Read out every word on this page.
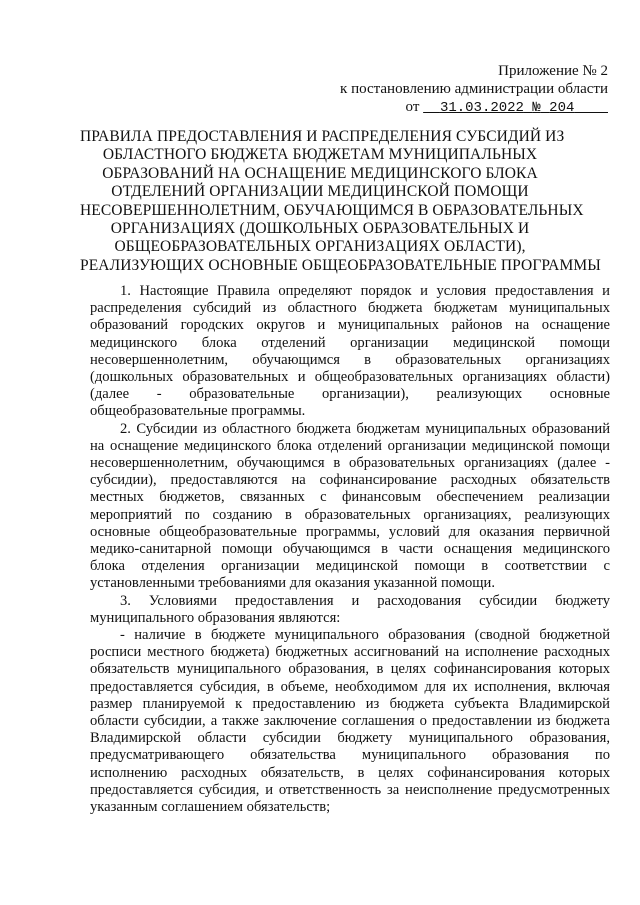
Приложение № 2
к постановлению администрации области
от 31.03.2022 № 204
ПРАВИЛА ПРЕДОСТАВЛЕНИЯ И РАСПРЕДЕЛЕНИЯ СУБСИДИЙ ИЗ
ОБЛАСТНОГО БЮДЖЕТА БЮДЖЕТАМ МУНИЦИПАЛЬНЫХ
ОБРАЗОВАНИЙ НА ОСНАЩЕНИЕ МЕДИЦИНСКОГО БЛОКА
ОТДЕЛЕНИЙ ОРГАНИЗАЦИИ МЕДИЦИНСКОЙ ПОМОЩИ
НЕСОВЕРШЕННОЛЕТНИМ, ОБУЧАЮЩИМСЯ В ОБРАЗОВАТЕЛЬНЫХ
ОРГАНИЗАЦИЯХ (ДОШКОЛЬНЫХ ОБРАЗОВАТЕЛЬНЫХ И
ОБЩЕОБРАЗОВАТЕЛЬНЫХ ОРГАНИЗАЦИЯХ ОБЛАСТИ),
РЕАЛИЗУЮЩИХ ОСНОВНЫЕ ОБЩЕОБРАЗОВАТЕЛЬНЫЕ ПРОГРАММЫ

1. Настоящие Правила определяют порядок и условия предоставления и
распределения субсидий из областного бюджета бюджетам муниципальных
образований городских округов и муниципальных районов на оснащение
медицинского блока отделений организации медицинской помощи
несовершеннолетним, обучающимся в образовательных организациях
(дошкольных образовательных и общеобразовательных организациях области)
(далее - образовательные организации), реализующих основные
общеобразовательные программы.

2. Субсидии из областного бюджета бюджетам муниципальных образований
на оснащение медицинского блока отделений организации медицинской помощи
несовершеннолетним, обучающимся в образовательных организациях (далее -
субсидии), предоставляются на софинансирование расходных обязательств
местных бюджетов, связанных с финансовым обеспечением реализации
мероприятий по созданию в образовательных организациях, реализующих
основные общеобразовательные программы, условий для оказания первичной
медико-санитарной помощи обучающимся в части оснащения медицинского
блока отделения организации медицинской помощи в соответствии с
установленными требованиями для оказания указанной помощи.

3. Условиями предоставления и расходования субсидии бюджету
муниципального образования являются:

- наличие в бюджете муниципального образования (сводной бюджетной
росписи местного бюджета) бюджетных ассигнований на исполнение расходных
обязательств муниципального образования, в целях софинансирования которых
предоставляется субсидия, в объеме, необходимом для их исполнения, включая
размер планируемой к предоставлению из бюджета субъекта Владимирской
области субсидии, а также заключение соглашения о предоставлении из бюджета
Владимирской области субсидии бюджету муниципального образования,
предусматривающего обязательства муниципального образования по
исполнению расходных обязательств, в целях софинансирования которых
предоставляется субсидия, и ответственность за неисполнение предусмотренных
указанным соглашением обязательств;
